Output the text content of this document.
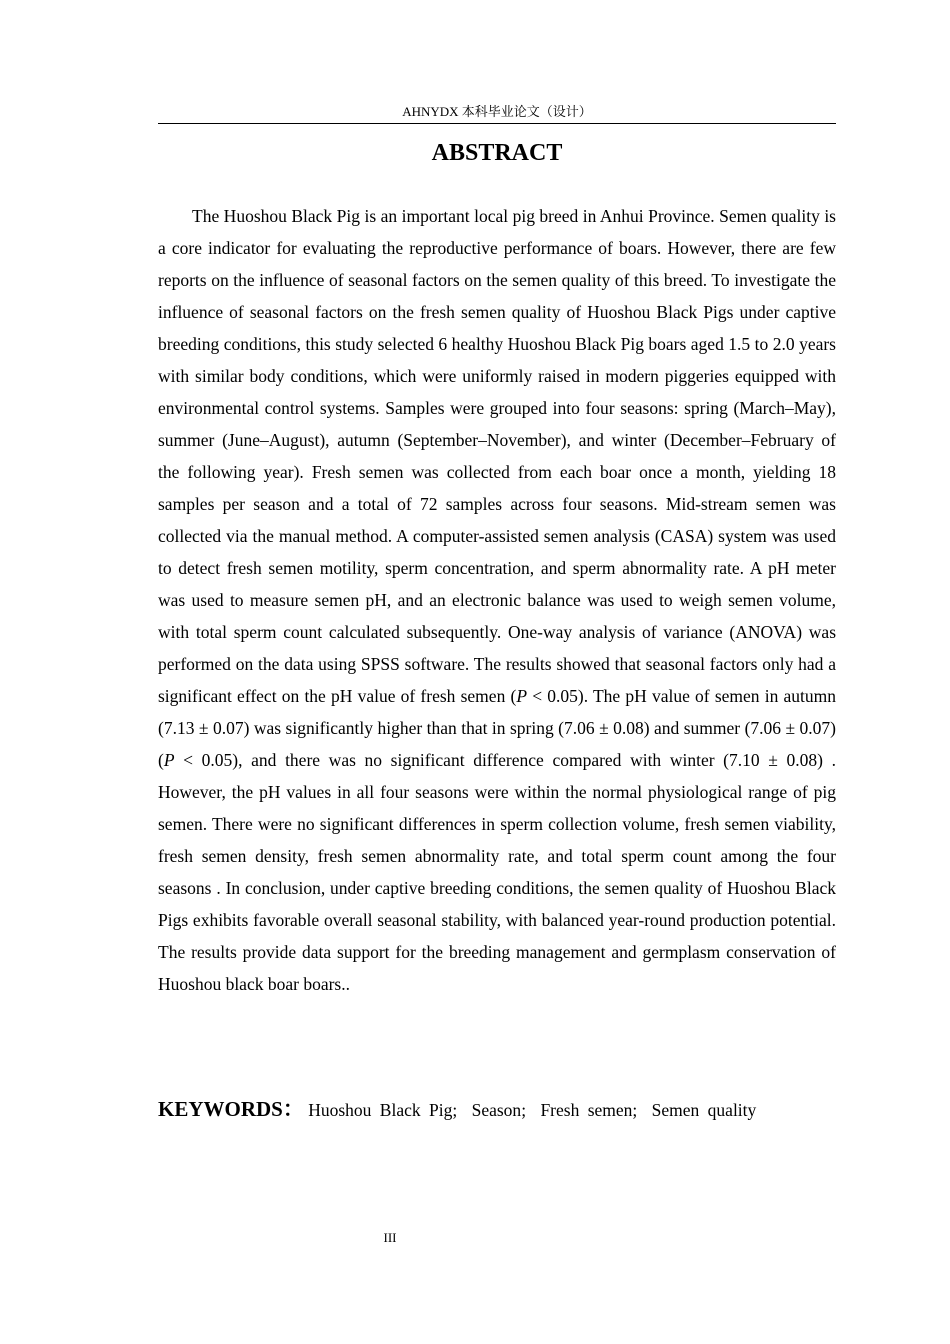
AHNYDX 本科毕业论文（设计）
ABSTRACT

The Huoshou Black Pig is an important local pig breed in Anhui Province. Semen quality is a core indicator for evaluating the reproductive performance of boars. However, there are few reports on the influence of seasonal factors on the semen quality of this breed. To investigate the influence of seasonal factors on the fresh semen quality of Huoshou Black Pigs under captive breeding conditions, this study selected 6 healthy Huoshou Black Pig boars aged 1.5 to 2.0 years with similar body conditions, which were uniformly raised in modern piggeries equipped with environmental control systems. Samples were grouped into four seasons: spring (March–May), summer (June–August), autumn (September–November), and winter (December–February of the following year). Fresh semen was collected from each boar once a month, yielding 18 samples per season and a total of 72 samples across four seasons. Mid-stream semen was collected via the manual method. A computer-assisted semen analysis (CASA) system was used to detect fresh semen motility, sperm concentration, and sperm abnormality rate. A pH meter was used to measure semen pH, and an electronic balance was used to weigh semen volume, with total sperm count calculated subsequently. One-way analysis of variance (ANOVA) was performed on the data using SPSS software. The results showed that seasonal factors only had a significant effect on the pH value of fresh semen (P < 0.05). The pH value of semen in autumn (7.13 ± 0.07) was significantly higher than that in spring (7.06 ± 0.08) and summer (7.06 ± 0.07) (P < 0.05), and there was no significant difference compared with winter (7.10 ± 0.08) . However, the pH values in all four seasons were within the normal physiological range of pig semen. There were no significant differences in sperm collection volume, fresh semen viability, fresh semen density, fresh semen abnormality rate, and total sperm count among the four seasons . In conclusion, under captive breeding conditions, the semen quality of Huoshou Black Pigs exhibits favorable overall seasonal stability, with balanced year-round production potential. The results provide data support for the breeding management and germplasm conservation of Huoshou black boar boars..

KEYWORDS： Huoshou Black Pig; Season; Fresh semen; Semen quality
III
